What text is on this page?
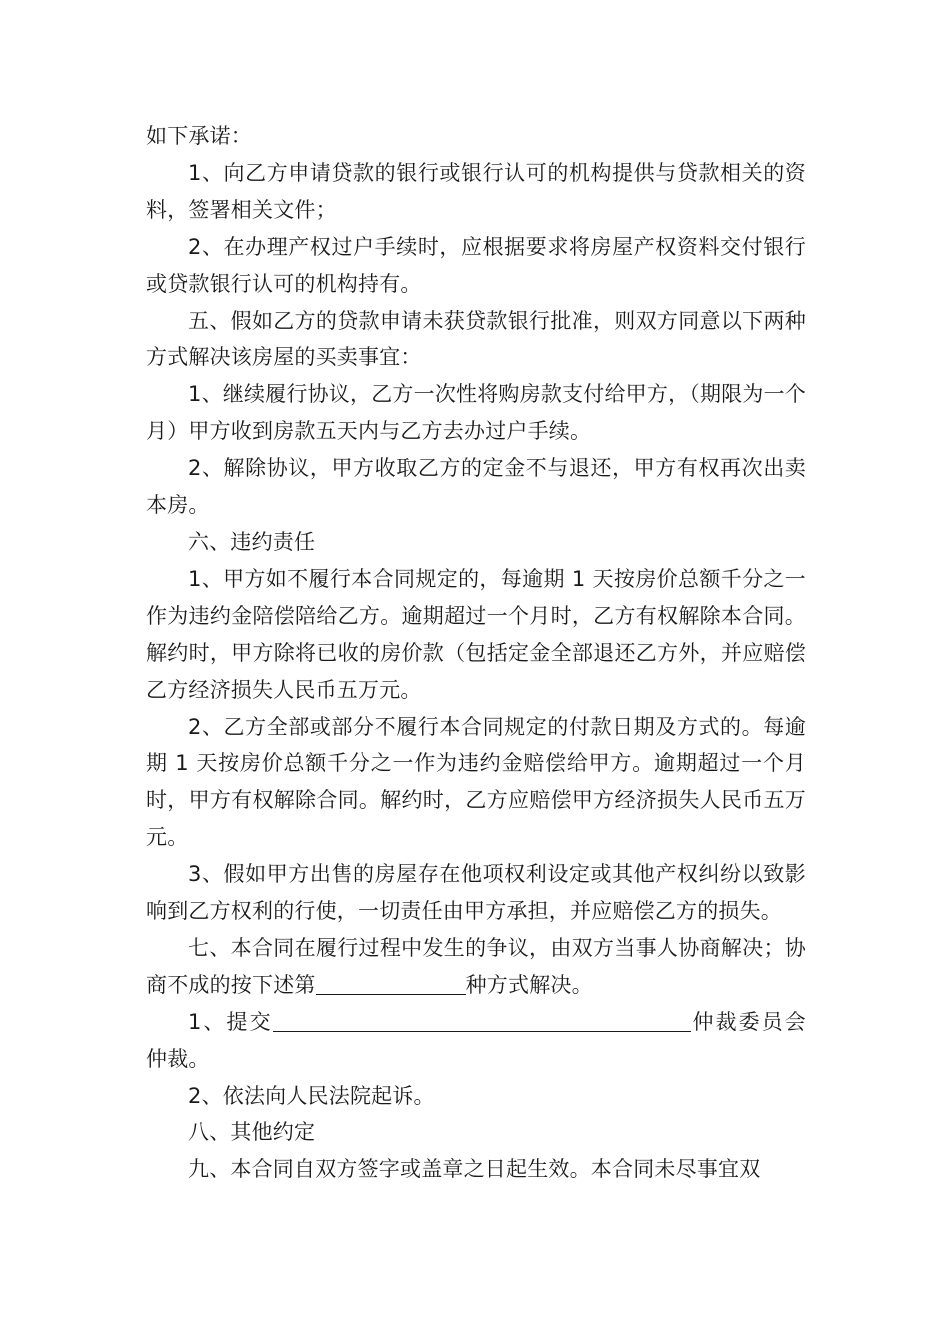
如下承诺：

1、向乙方申请贷款的银行或银行认可的机构提供与贷款相关的资料，签署相关文件；

2、在办理产权过户手续时，应根据要求将房屋产权资料交付银行或贷款银行认可的机构持有。

五、假如乙方的贷款申请未获贷款银行批准，则双方同意以下两种方式解决该房屋的买卖事宜：

1、继续履行协议，乙方一次性将购房款支付给甲方，（期限为一个月）甲方收到房款五天内与乙方去办过户手续。

2、解除协议，甲方收取乙方的定金不与退还，甲方有权再次出卖本房。

六、违约责任

1、甲方如不履行本合同规定的，每逾期 1 天按房价总额千分之一作为违约金陪偿陪给乙方。逾期超过一个月时，乙方有权解除本合同。解约时，甲方除将已收的房价款（包括定金全部退还乙方外，并应赔偿乙方经济损失人民币五万元。

2、乙方全部或部分不履行本合同规定的付款日期及方式的。每逾期 1 天按房价总额千分之一作为违约金赔偿给甲方。逾期超过一个月时，甲方有权解除合同。解约时，乙方应赔偿甲方经济损失人民币五万元。

3、假如甲方出售的房屋存在他项权利设定或其他产权纠纷以致影响到乙方权利的行使，一切责任由甲方承担，并应赔偿乙方的损失。

七、本合同在履行过程中发生的争议，由双方当事人协商解决；协商不成的按下述第	种方式解决。

1、提交	仲裁委员会仲裁。

2、依法向人民法院起诉。

八、其他约定

九、本合同自双方签字或盖章之日起生效。本合同未尽事宜双
